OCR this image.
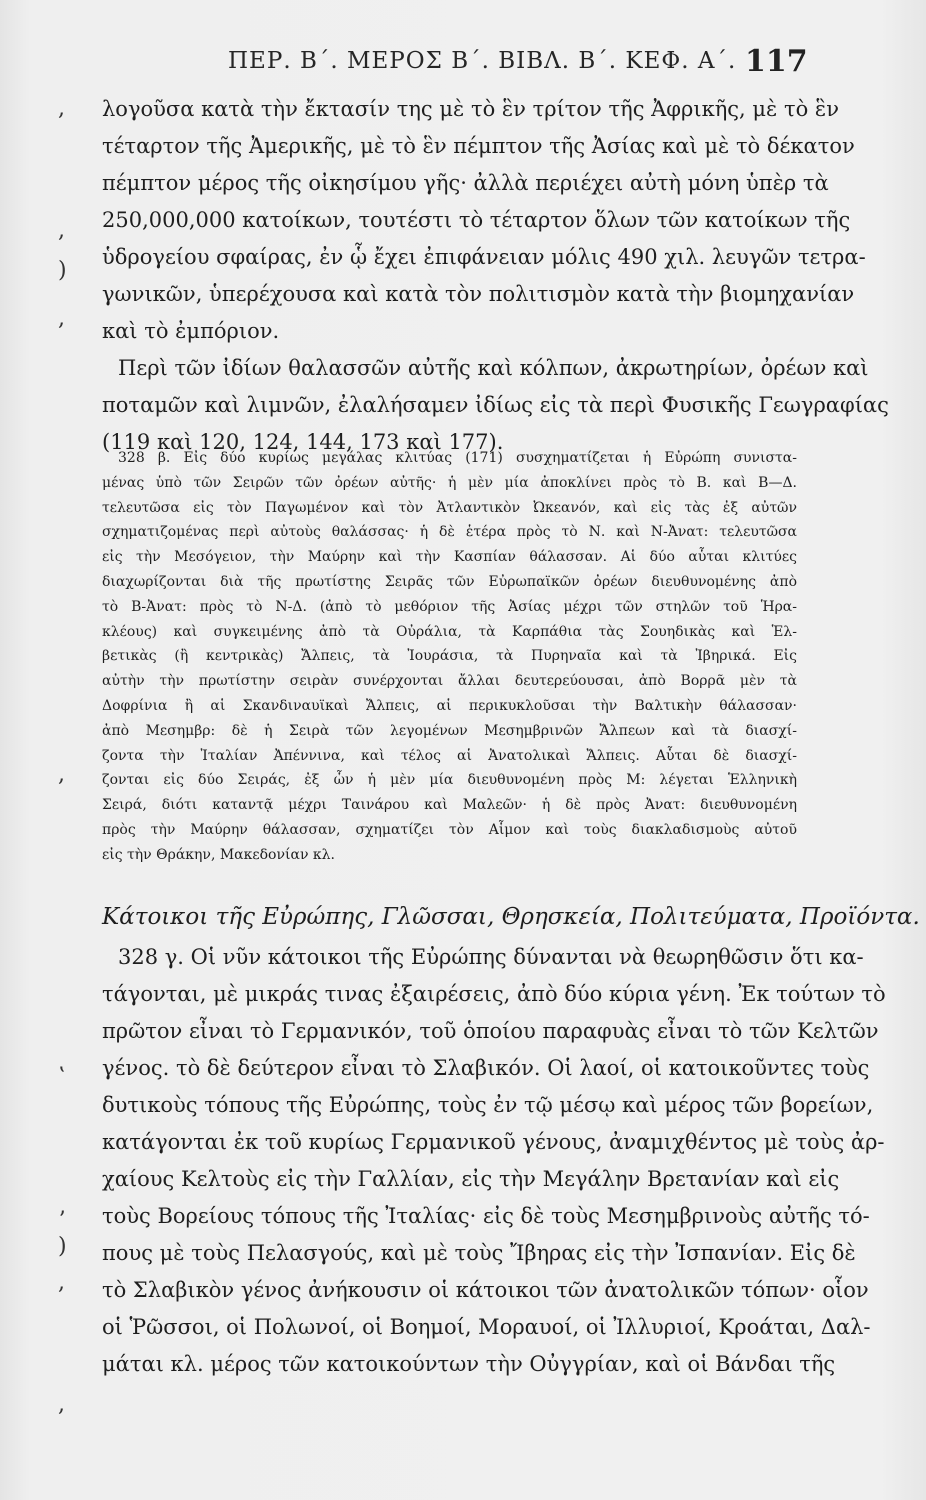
ΠΕΡ. Β΄. ΜΕΡΟΣ Β΄. ΒΙΒΛ. Β΄. ΚΕΦ. Α΄. 117
,
,
)
,
,
ʽ
ʼ
)
,
,
λογοῦσα κατὰ τὴν ἔκτασίν της μὲ τὸ ἓν τρίτον τῆς Ἀφρικῆς, μὲ τὸ ἓν
τέταρτον τῆς Ἀμερικῆς, μὲ τὸ ἓν πέμπτον τῆς Ἀσίας καὶ μὲ τὸ δέκατον
πέμπτον μέρος τῆς οἰκησίμου γῆς· ἀλλὰ περιέχει αὐτὴ μόνη ὑπὲρ τὰ
250,000,000 κατοίκων, τουτέστι τὸ τέταρτον ὅλων τῶν κατοίκων τῆς
ὑδρογείου σφαίρας, ἐν ᾧ ἔχει ἐπιφάνειαν μόλις 490 χιλ. λευγῶν τετρα-
γωνικῶν, ὑπερέχουσα καὶ κατὰ τὸν πολιτισμὸν κατὰ τὴν βιομηχανίαν
καὶ τὸ ἐμπόριον.
Περὶ τῶν ἰδίων θαλασσῶν αὐτῆς καὶ κόλπων, ἀκρωτηρίων, ὀρέων καὶ
ποταμῶν καὶ λιμνῶν, ἐλαλήσαμεν ἰδίως εἰς τὰ περὶ Φυσικῆς Γεωγραφίας
(119 καὶ 120, 124, 144, 173 καὶ 177).
328 β. Εἰς δύο κυρίως μεγάλας κλιτύας (171) συσχηματίζεται ἡ Εὐρώπη συνιστα-
μένας ὑπὸ τῶν Σειρῶν τῶν ὀρέων αὐτῆς· ἡ μὲν μία ἀποκλίνει πρὸς τὸ Β. καὶ Β—Δ.
τελευτῶσα εἰς τὸν Παγωμένον καὶ τὸν Ἀτλαντικὸν Ὠκεανόν, καὶ εἰς τὰς ἐξ αὐτῶν
σχηματιζομένας περὶ αὐτοὺς θαλάσσας· ἡ δὲ ἑτέρα πρὸς τὸ Ν. καὶ Ν-Ἀνατ: τελευτῶσα
εἰς τὴν Μεσόγειον, τὴν Μαύρην καὶ τὴν Κασπίαν θάλασσαν. Αἱ δύο αὗται κλιτύες
διαχωρίζονται διὰ τῆς πρωτίστης Σειρᾶς τῶν Εὐρωπαϊκῶν ὀρέων διευθυνομένης ἀπὸ
τὸ Β-Ἀνατ: πρὸς τὸ Ν-Δ. (ἀπὸ τὸ μεθόριον τῆς Ἀσίας μέχρι τῶν στηλῶν τοῦ Ἡρα-
κλέους) καὶ συγκειμένης ἀπὸ τὰ Οὐράλια, τὰ Καρπάθια τὰς Σουηδικὰς καὶ Ἑλ-
βετικὰς (ἢ κεντρικὰς) Ἄλπεις, τὰ Ἰουράσια, τὰ Πυρηναῖα καὶ τὰ Ἰβηρικά. Εἰς
αὐτὴν τὴν πρωτίστην σειρὰν συνέρχονται ἄλλαι δευτερεύουσαι, ἀπὸ Βορρᾶ μὲν τὰ
Δοφρίνια ἢ αἱ Σκανδιναυϊκαὶ Ἄλπεις, αἱ περικυκλοῦσαι τὴν Βαλτικὴν θάλασσαν·
ἀπὸ Μεσημβρ: δὲ ἡ Σειρὰ τῶν λεγομένων Μεσημβρινῶν Ἄλπεων καὶ τὰ διασχί-
ζοντα τὴν Ἰταλίαν Ἀπέννινα, καὶ τέλος αἱ Ἀνατολικαὶ Ἄλπεις. Αὗται δὲ διασχί-
ζονται εἰς δύο Σειράς, ἐξ ὧν ἡ μὲν μία διευθυνομένη πρὸς Μ: λέγεται Ἑλληνικὴ
Σειρά, διότι καταντᾷ μέχρι Ταινάρου καὶ Μαλεῶν· ἡ δὲ πρὸς Ἀνατ: διευθυνομένη
πρὸς τὴν Μαύρην θάλασσαν, σχηματίζει τὸν Αἷμον καὶ τοὺς διακλαδισμοὺς αὐτοῦ
εἰς τὴν Θράκην, Μακεδονίαν κλ.
Κάτοικοι τῆς Εὐρώπης, Γλῶσσαι, Θρησκεία, Πολιτεύματα, Προϊόντα.
328 γ. Οἱ νῦν κάτοικοι τῆς Εὐρώπης δύνανται νὰ θεωρηθῶσιν ὅτι κα-
τάγονται, μὲ μικράς τινας ἐξαιρέσεις, ἀπὸ δύο κύρια γένη. Ἐκ τούτων τὸ
πρῶτον εἶναι τὸ Γερμανικόν, τοῦ ὁποίου παραφυὰς εἶναι τὸ τῶν Κελτῶν
γένος. τὸ δὲ δεύτερον εἶναι τὸ Σλαβικόν. Οἱ λαοί, οἱ κατοικοῦντες τοὺς
δυτικοὺς τόπους τῆς Εὐρώπης, τοὺς ἐν τῷ μέσῳ καὶ μέρος τῶν βορείων,
κατάγονται ἐκ τοῦ κυρίως Γερμανικοῦ γένους, ἀναμιχθέντος μὲ τοὺς ἀρ-
χαίους Κελτοὺς εἰς τὴν Γαλλίαν, εἰς τὴν Μεγάλην Βρετανίαν καὶ εἰς
τοὺς Βορείους τόπους τῆς Ἰταλίας· εἰς δὲ τοὺς Μεσημβρινοὺς αὐτῆς τό-
πους μὲ τοὺς Πελασγούς, καὶ μὲ τοὺς Ἴβηρας εἰς τὴν Ἰσπανίαν. Εἰς δὲ
τὸ Σλαβικὸν γένος ἀνήκουσιν οἱ κάτοικοι τῶν ἀνατολικῶν τόπων· οἷον
οἱ Ῥῶσσοι, οἱ Πολωνοί, οἱ Βοημοί, Μοραυοί, οἱ Ἰλλυριοί, Κροάται, Δαλ-
μάται κλ. μέρος τῶν κατοικούντων τὴν Οὐγγρίαν, καὶ οἱ Βάνδαι τῆς
